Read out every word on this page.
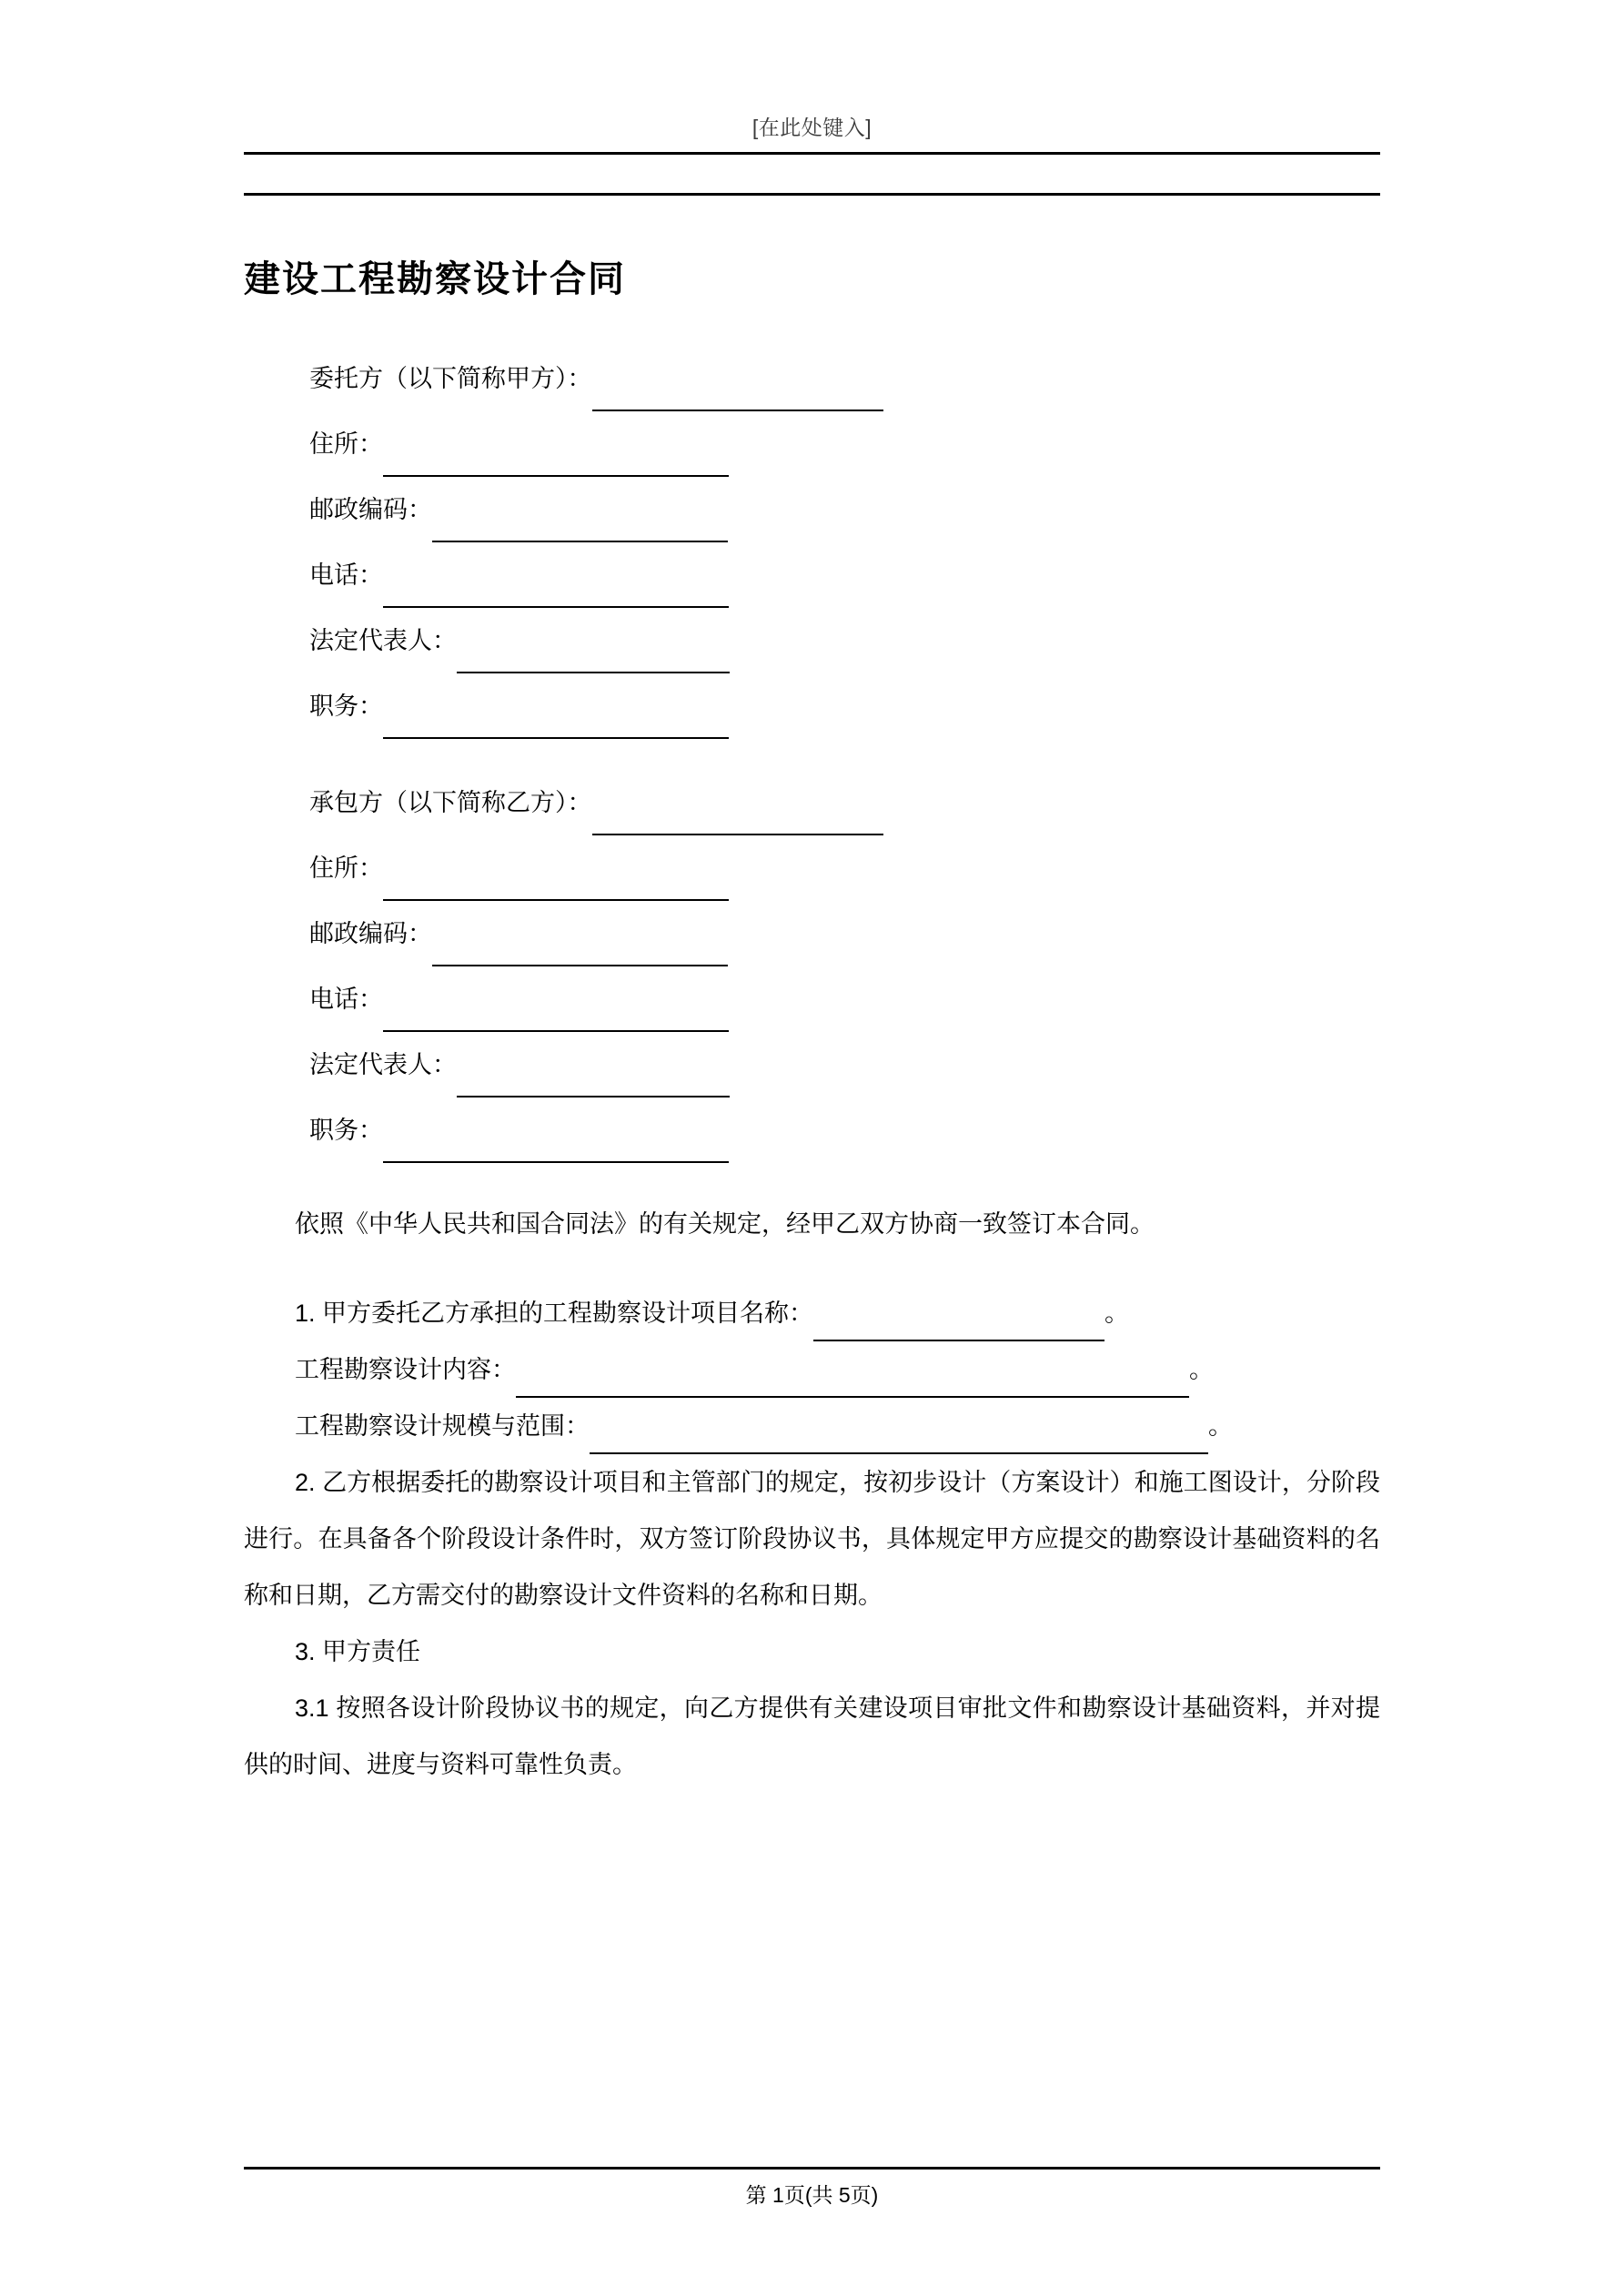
[在此处键入]
建设工程勘察设计合同
委托方（以下简称甲方）：
住所：
邮政编码：
电话：
法定代表人：
职务：
承包方（以下简称乙方）：
住所：
邮政编码：
电话：
法定代表人：
职务：
依照《中华人民共和国合同法》的有关规定，经甲乙双方协商一致签订本合同。
1. 甲方委托乙方承担的工程勘察设计项目名称：	。
工程勘察设计内容：	。
工程勘察设计规模与范围：	。
2. 乙方根据委托的勘察设计项目和主管部门的规定，按初步设计（方案设计）和施工图设计，分阶段进行。在具备各个阶段设计条件时，双方签订阶段协议书，具体规定甲方应提交的勘察设计基础资料的名称和日期，乙方需交付的勘察设计文件资料的名称和日期。
3. 甲方责任
3.1 按照各设计阶段协议书的规定，向乙方提供有关建设项目审批文件和勘察设计基础资料，并对提供的时间、进度与资料可靠性负责。
第 1页(共 5页)
